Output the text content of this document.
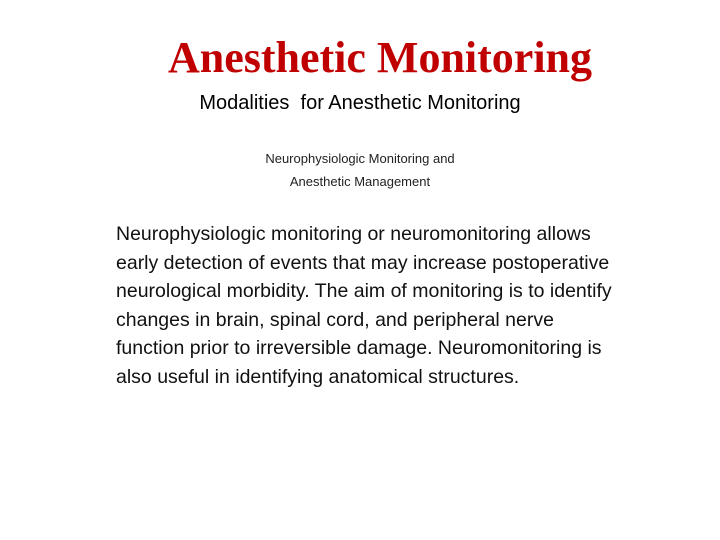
Anesthetic Monitoring

Modalities  for Anesthetic Monitoring

Neurophysiologic Monitoring and
Anesthetic Management

Neurophysiologic monitoring or neuromonitoring allows early detection of events that may increase postoperative neurological morbidity. The aim of monitoring is to identify changes in brain, spinal cord, and peripheral nerve function prior to irreversible damage. Neuromonitoring is also useful in identifying anatomical structures.
